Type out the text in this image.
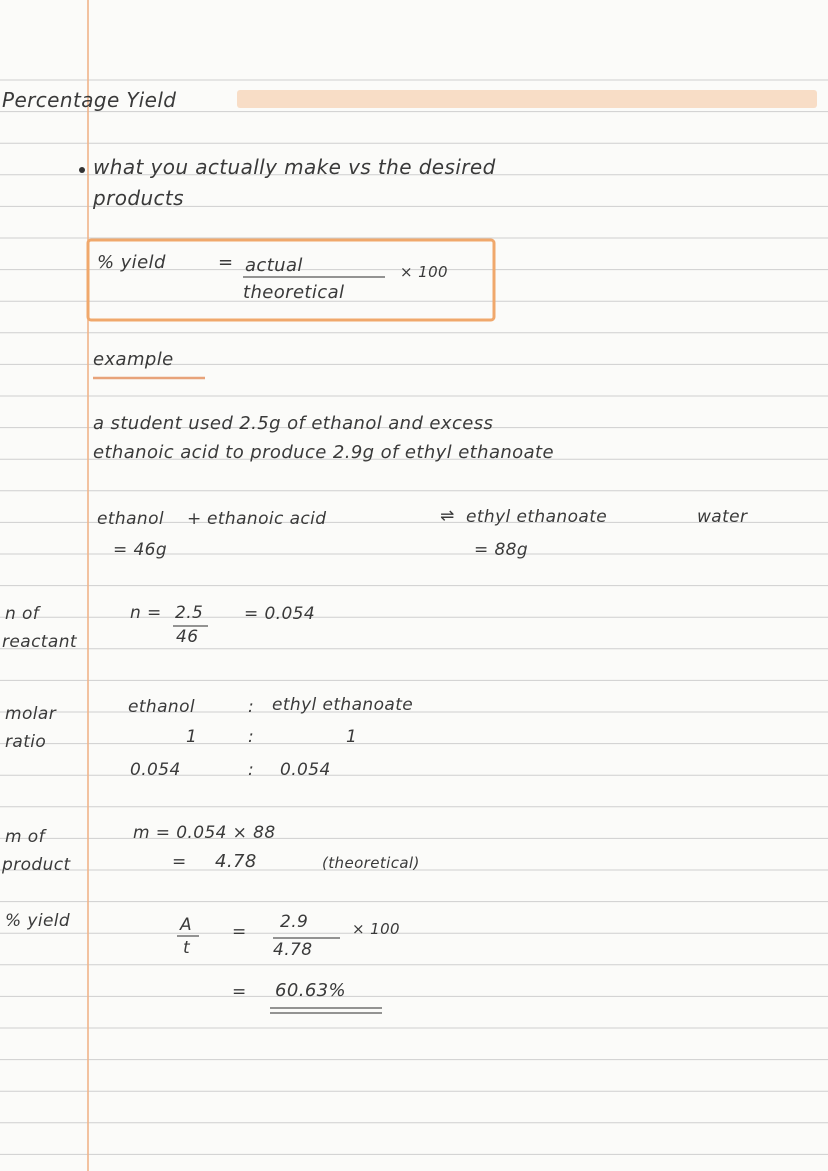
Percentage Yield
what you actually make vs the desired
products
% yield	= actual
theoretical
× 100
example
a student used 2.5g of ethanol and excess
ethanoic acid to produce 2.9g of ethyl ethanoate
ethanol + ethanoic acid	⇌ ethyl ethanoate	water
= 46g	= 88g
n of
reactant
n = 2.5
46
= 0.054
molar
ratio
ethanol	: ethyl ethanoate
1	:	1
0.054	: 0.054
m of
product
m = 0.054 × 88
= 4.78	(theoretical)
% yield	A
t
= 2.9
4.78
× 100
= 60.63%
